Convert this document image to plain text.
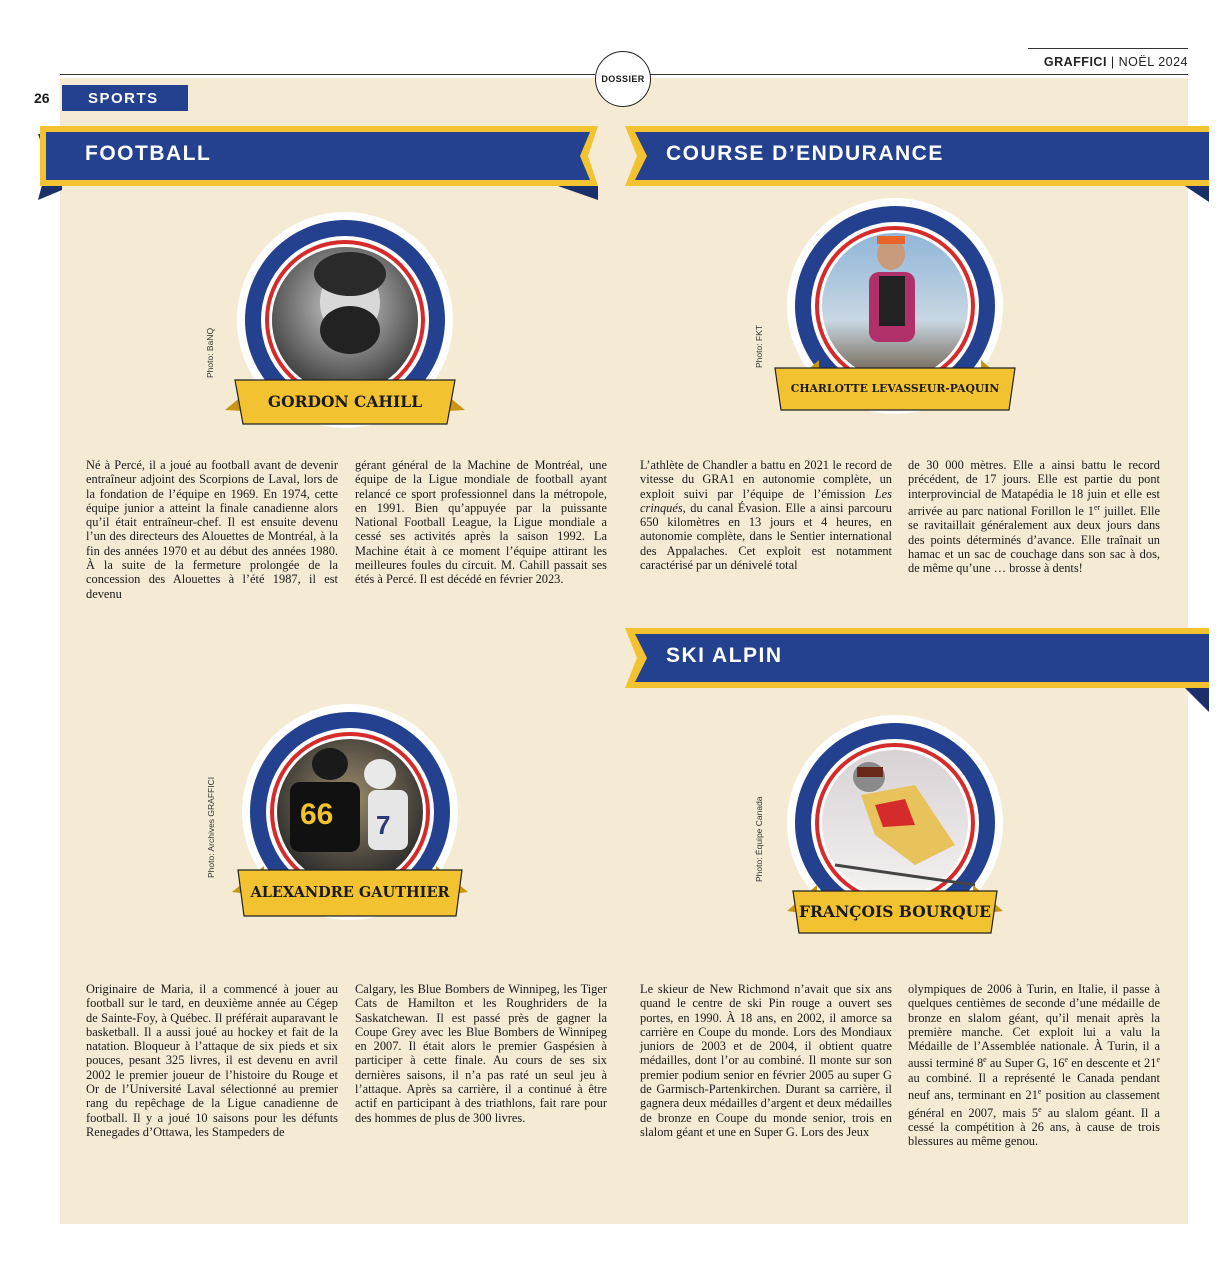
GRAFFICI | NOËL 2024
DOSSIER
26	SPORTS
FOOTBALL	COURSE D’ENDURANCE
SKI ALPIN
GORDON CAHILL
Photo: BaNQ
CHARLOTTE LEVASSEUR-PAQUIN
Photo: FKT
66 7
ALEXANDRE GAUTHIER
Photo: Archives GRAFFICI
FRANÇOIS BOURQUE
Photo: Équipe Canada

Né à Percé, il a joué au football avant de devenir entraîneur adjoint des Scorpions de Laval, lors de la fondation de l’équipe en 1969. En 1974, cette équipe junior a atteint la finale canadienne alors qu’il était entraîneur-chef. Il est ensuite devenu l’un des directeurs des Alouettes de Montréal, à la fin des années 1970 et au début des années 1980. À la suite de la fermeture prolongée de la concession des Alouettes à l’été 1987, il est devenu

gérant général de la Machine de Montréal, une équipe de la Ligue mondiale de football ayant relancé ce sport professionnel dans la métropole, en 1991. Bien qu’appuyée par la puissante National Football League, la Ligue mondiale a cessé ses activités après la saison 1992. La Machine était à ce moment l’équipe attirant les meilleures foules du circuit. M. Cahill passait ses étés à Percé. Il est décédé en février 2023.

L’athlète de Chandler a battu en 2021 le record de vitesse du GRA1 en autonomie complète, un exploit suivi par l’équipe de l’émission Les crinqués, du canal Évasion. Elle a ainsi parcouru 650 kilomètres en 13 jours et 4 heures, en autonomie complète, dans le Sentier international des Appalaches. Cet exploit est notamment caractérisé par un dénivelé total

de 30 000 mètres. Elle a ainsi battu le record précédent, de 17 jours. Elle est partie du pont interprovincial de Matapédia le 18 juin et elle est arrivée au parc national Forillon le 1er juillet. Elle se ravitaillait généralement aux deux jours dans des points déterminés d’avance. Elle traînait un hamac et un sac de couchage dans son sac à dos, de même qu’une … brosse à dents!

Originaire de Maria, il a commencé à jouer au football sur le tard, en deuxième année au Cégep de Sainte-Foy, à Québec. Il préférait auparavant le basketball. Il a aussi joué au hockey et fait de la natation. Bloqueur à l’attaque de six pieds et six pouces, pesant 325 livres, il est devenu en avril 2002 le premier joueur de l’histoire du Rouge et Or de l’Université Laval sélectionné au premier rang du repêchage de la Ligue canadienne de football. Il y a joué 10 saisons pour les défunts Renegades d’Ottawa, les Stampeders de

Calgary, les Blue Bombers de Winnipeg, les Tiger Cats de Hamilton et les Roughriders de la Saskatchewan. Il est passé près de gagner la Coupe Grey avec les Blue Bombers de Winnipeg en 2007. Il était alors le premier Gaspésien à participer à cette finale. Au cours de ses six dernières saisons, il n’a pas raté un seul jeu à l’attaque. Après sa carrière, il a continué à être actif en participant à des triathlons, fait rare pour des hommes de plus de 300 livres.

Le skieur de New Richmond n’avait que six ans quand le centre de ski Pin rouge a ouvert ses portes, en 1990. À 18 ans, en 2002, il amorce sa carrière en Coupe du monde. Lors des Mondiaux juniors de 2003 et de 2004, il obtient quatre médailles, dont l’or au combiné. Il monte sur son premier podium senior en février 2005 au super G de Garmisch-Partenkirchen. Durant sa carrière, il gagnera deux médailles d’argent et deux médailles de bronze en Coupe du monde senior, trois en slalom géant et une en Super G. Lors des Jeux

olympiques de 2006 à Turin, en Italie, il passe à quelques centièmes de seconde d’une médaille de bronze en slalom géant, qu’il menait après la première manche. Cet exploit lui a valu la Médaille de l’Assemblée nationale. À Turin, il a aussi terminé 8e au Super G, 16e en descente et 21e au combiné. Il a représenté le Canada pendant neuf ans, terminant en 21e position au classement général en 2007, mais 5e au slalom géant. Il a cessé la compétition à 26 ans, à cause de trois blessures au même genou.
